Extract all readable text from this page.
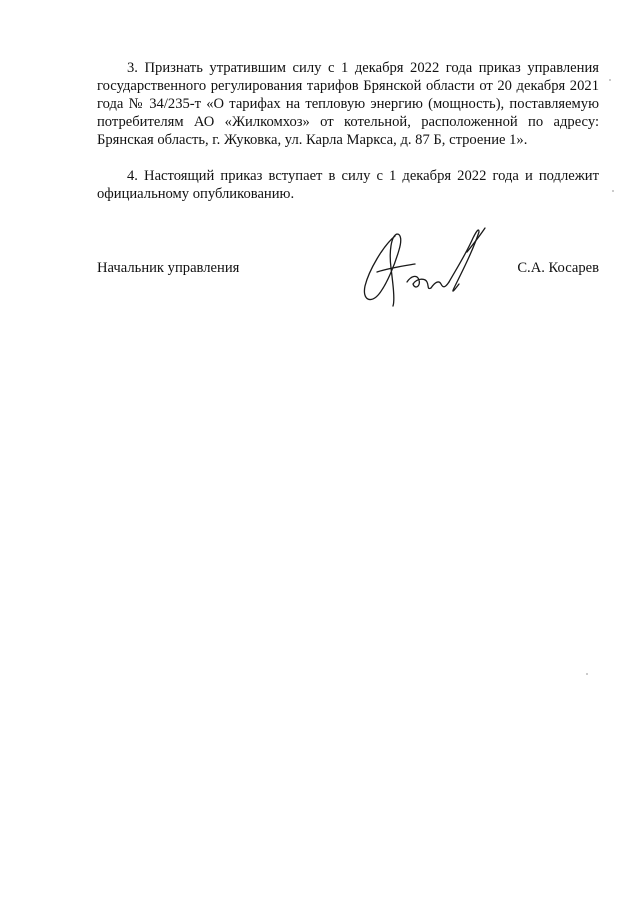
3. Признать утратившим силу с 1 декабря 2022 года приказ управления государственного регулирования тарифов Брянской области от 20 декабря 2021 года № 34/235-т «О тарифах на тепловую энергию (мощность), поставляемую потребителям АО «Жилкомхоз» от котельной, расположенной по адресу: Брянская область, г. Жуковка, ул. Карла Маркса, д. 87 Б, строение 1».

4. Настоящий приказ вступает в силу с 1 декабря 2022 года и подлежит официальному опубликованию.

Начальник управления	С.А. Косарев
